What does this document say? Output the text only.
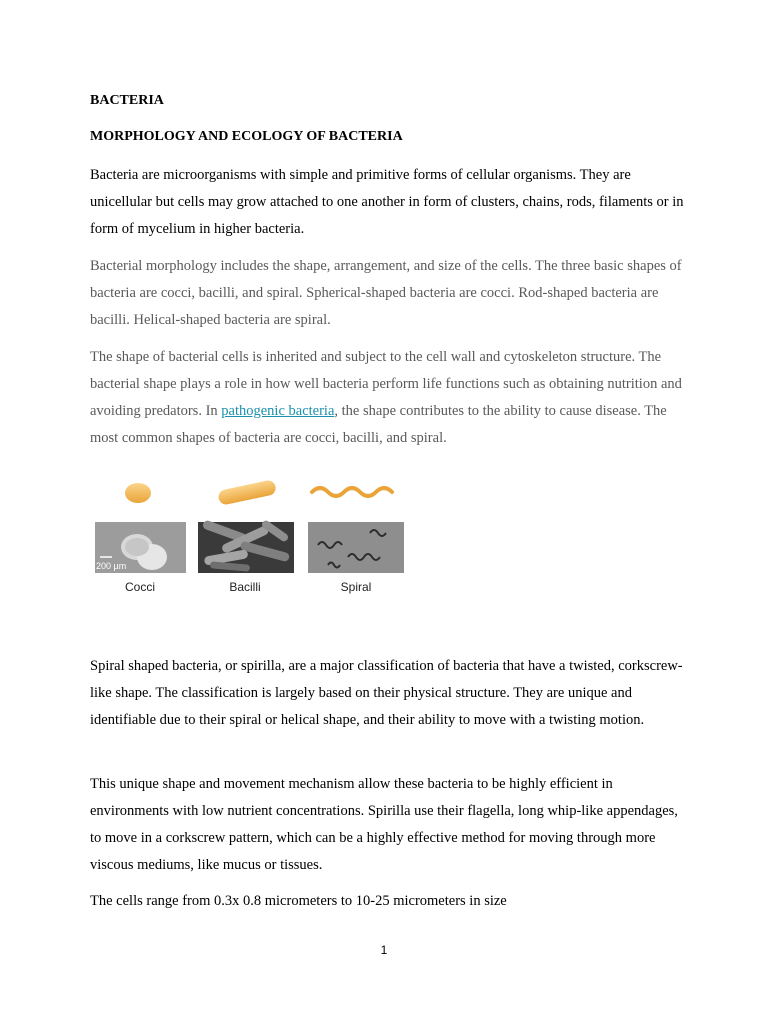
BACTERIA
MORPHOLOGY AND ECOLOGY OF BACTERIA

Bacteria are microorganisms with simple and primitive forms of cellular organisms. They are unicellular but cells may grow attached to one another in form of clusters, chains, rods, filaments or in form of mycelium in higher bacteria.

Bacterial morphology includes the shape, arrangement, and size of the cells. The three basic shapes of bacteria are cocci, bacilli, and spiral. Spherical-shaped bacteria are cocci. Rod-shaped bacteria are bacilli. Helical-shaped bacteria are spiral.

The shape of bacterial cells is inherited and subject to the cell wall and cytoskeleton structure. The bacterial shape plays a role in how well bacteria perform life functions such as obtaining nutrition and avoiding predators. In pathogenic bacteria, the shape contributes to the ability to cause disease. The most common shapes of bacteria are cocci, bacilli, and spiral.

200 µm
Cocci	Bacilli	Spiral

Spiral shaped bacteria, or spirilla, are a major classification of bacteria that have a twisted, corkscrew-like shape. The classification is largely based on their physical structure. They are unique and identifiable due to their spiral or helical shape, and their ability to move with a twisting motion.

This unique shape and movement mechanism allow these bacteria to be highly efficient in environments with low nutrient concentrations. Spirilla use their flagella, long whip-like appendages, to move in a corkscrew pattern, which can be a highly effective method for moving through more viscous mediums, like mucus or tissues.

The cells range from 0.3x 0.8 micrometers to 10-25 micrometers in size

1
